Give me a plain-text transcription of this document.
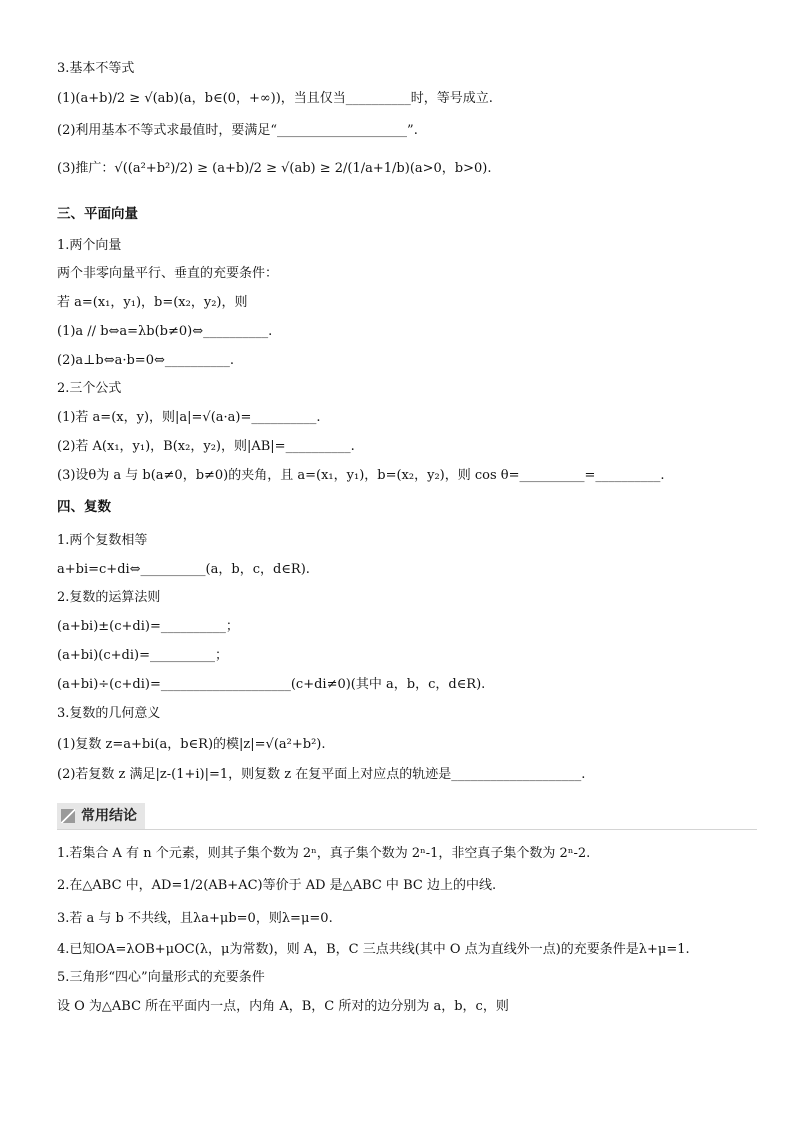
3.基本不等式
(1)(a+b)/2 ≥ √(ab)(a，b∈(0，+∞))，当且仅当__________时，等号成立.
(2)利用基本不等式求最值时，要满足“____________________”.
(3)推广：√((a²+b²)/2) ≥ (a+b)/2 ≥ √(ab) ≥ 2/(1/a+1/b)(a>0，b>0).
三、平面向量
1.两个向量
两个非零向量平行、垂直的充要条件：
若 a=(x₁，y₁)，b=(x₂，y₂)，则
(1)a // b⇔a=λb(b≠0)⇔__________.
(2)a⊥b⇔a·b=0⇔__________.
2.三个公式
(1)若 a=(x，y)，则|a|=√(a·a)=__________.
(2)若 A(x₁，y₁)，B(x₂，y₂)，则|AB|=__________.
(3)设θ为 a 与 b(a≠0，b≠0)的夹角，且 a=(x₁，y₁)，b=(x₂，y₂)，则 cos θ=__________=__________.
四、复数
1.两个复数相等
a+bi=c+di⇔__________(a，b，c，d∈R).
2.复数的运算法则
(a+bi)±(c+di)=__________；
(a+bi)(c+di)=__________；
(a+bi)÷(c+di)=____________________(c+di≠0)(其中 a，b，c，d∈R).
3.复数的几何意义
(1)复数 z=a+bi(a，b∈R)的模|z|=√(a²+b²).
(2)若复数 z 满足|z-(1+i)|=1，则复数 z 在复平面上对应点的轨迹是____________________.
1.若集合 A 有 n 个元素，则其子集个数为 2ⁿ，真子集个数为 2ⁿ-1，非空真子集个数为 2ⁿ-2.
2.在△ABC 中，AD=1/2(AB+AC)等价于 AD 是△ABC 中 BC 边上的中线.
3.若 a 与 b 不共线，且λa+μb=0，则λ=μ=0.
4.已知OA=λOB+μOC(λ，μ为常数)，则 A，B，C 三点共线(其中 O 点为直线外一点)的充要条件是λ+μ=1.
5.三角形“四心”向量形式的充要条件
设 O 为△ABC 所在平面内一点，内角 A，B，C 所对的边分别为 a，b，c，则
常用结论
